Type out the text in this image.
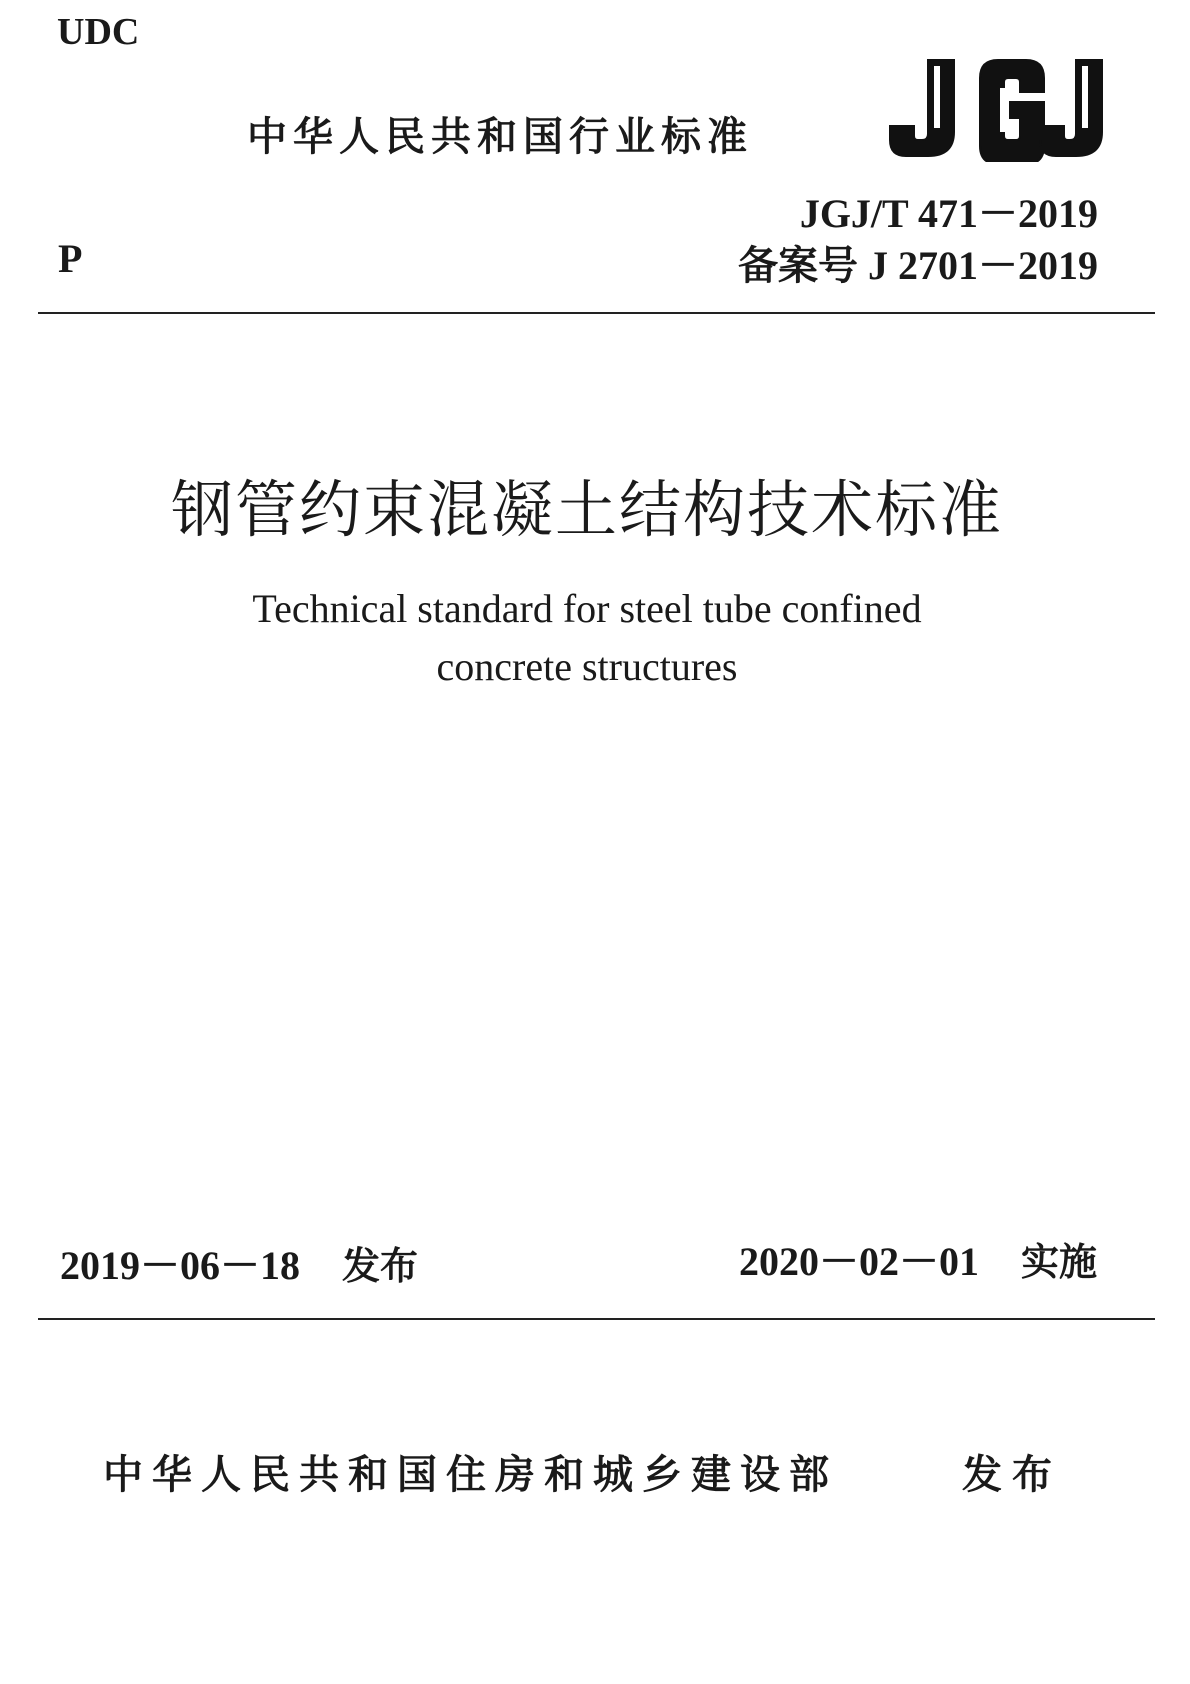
UDC
中华人民共和国行业标准
P
JGJ/T 471－2019
备案号 J 2701－2019
钢管约束混凝土结构技术标准
Technical standard for steel tube confined
concrete structures
2019－06－18 发布	2020－02－01 实施
中华人民共和国住房和城乡建设部	发布
